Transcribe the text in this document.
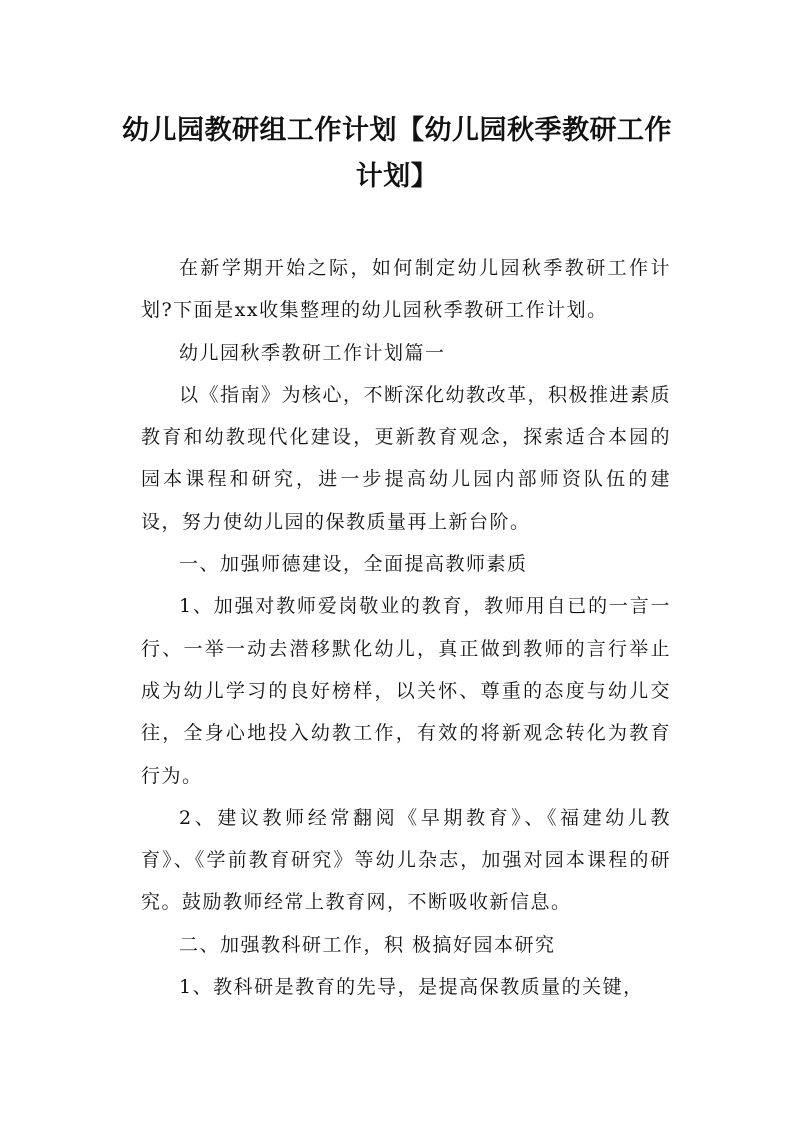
幼儿园教研组工作计划【幼儿园秋季教研工作计划】

在新学期开始之际，如何制定幼儿园秋季教研工作计划?下面是xx收集整理的幼儿园秋季教研工作计划。

幼儿园秋季教研工作计划篇一

以《指南》为核心，不断深化幼教改革，积极推进素质教育和幼教现代化建设，更新教育观念，探索适合本园的园本课程和研究，进一步提高幼儿园内部师资队伍的建设，努力使幼儿园的保教质量再上新台阶。

一、加强师德建设，全面提高教师素质

1、加强对教师爱岗敬业的教育，教师用自已的一言一行、一举一动去潜移默化幼儿，真正做到教师的言行举止成为幼儿学习的良好榜样，以关怀、尊重的态度与幼儿交往，全身心地投入幼教工作，有效的将新观念转化为教育行为。

2、建议教师经常翻阅《早期教育》、《福建幼儿教育》、《学前教育研究》等幼儿杂志，加强对园本课程的研究。鼓励教师经常上教育网，不断吸收新信息。

二、加强教科研工作，积 极搞好园本研究

1、教科研是教育的先导，是提高保教质量的关键，
